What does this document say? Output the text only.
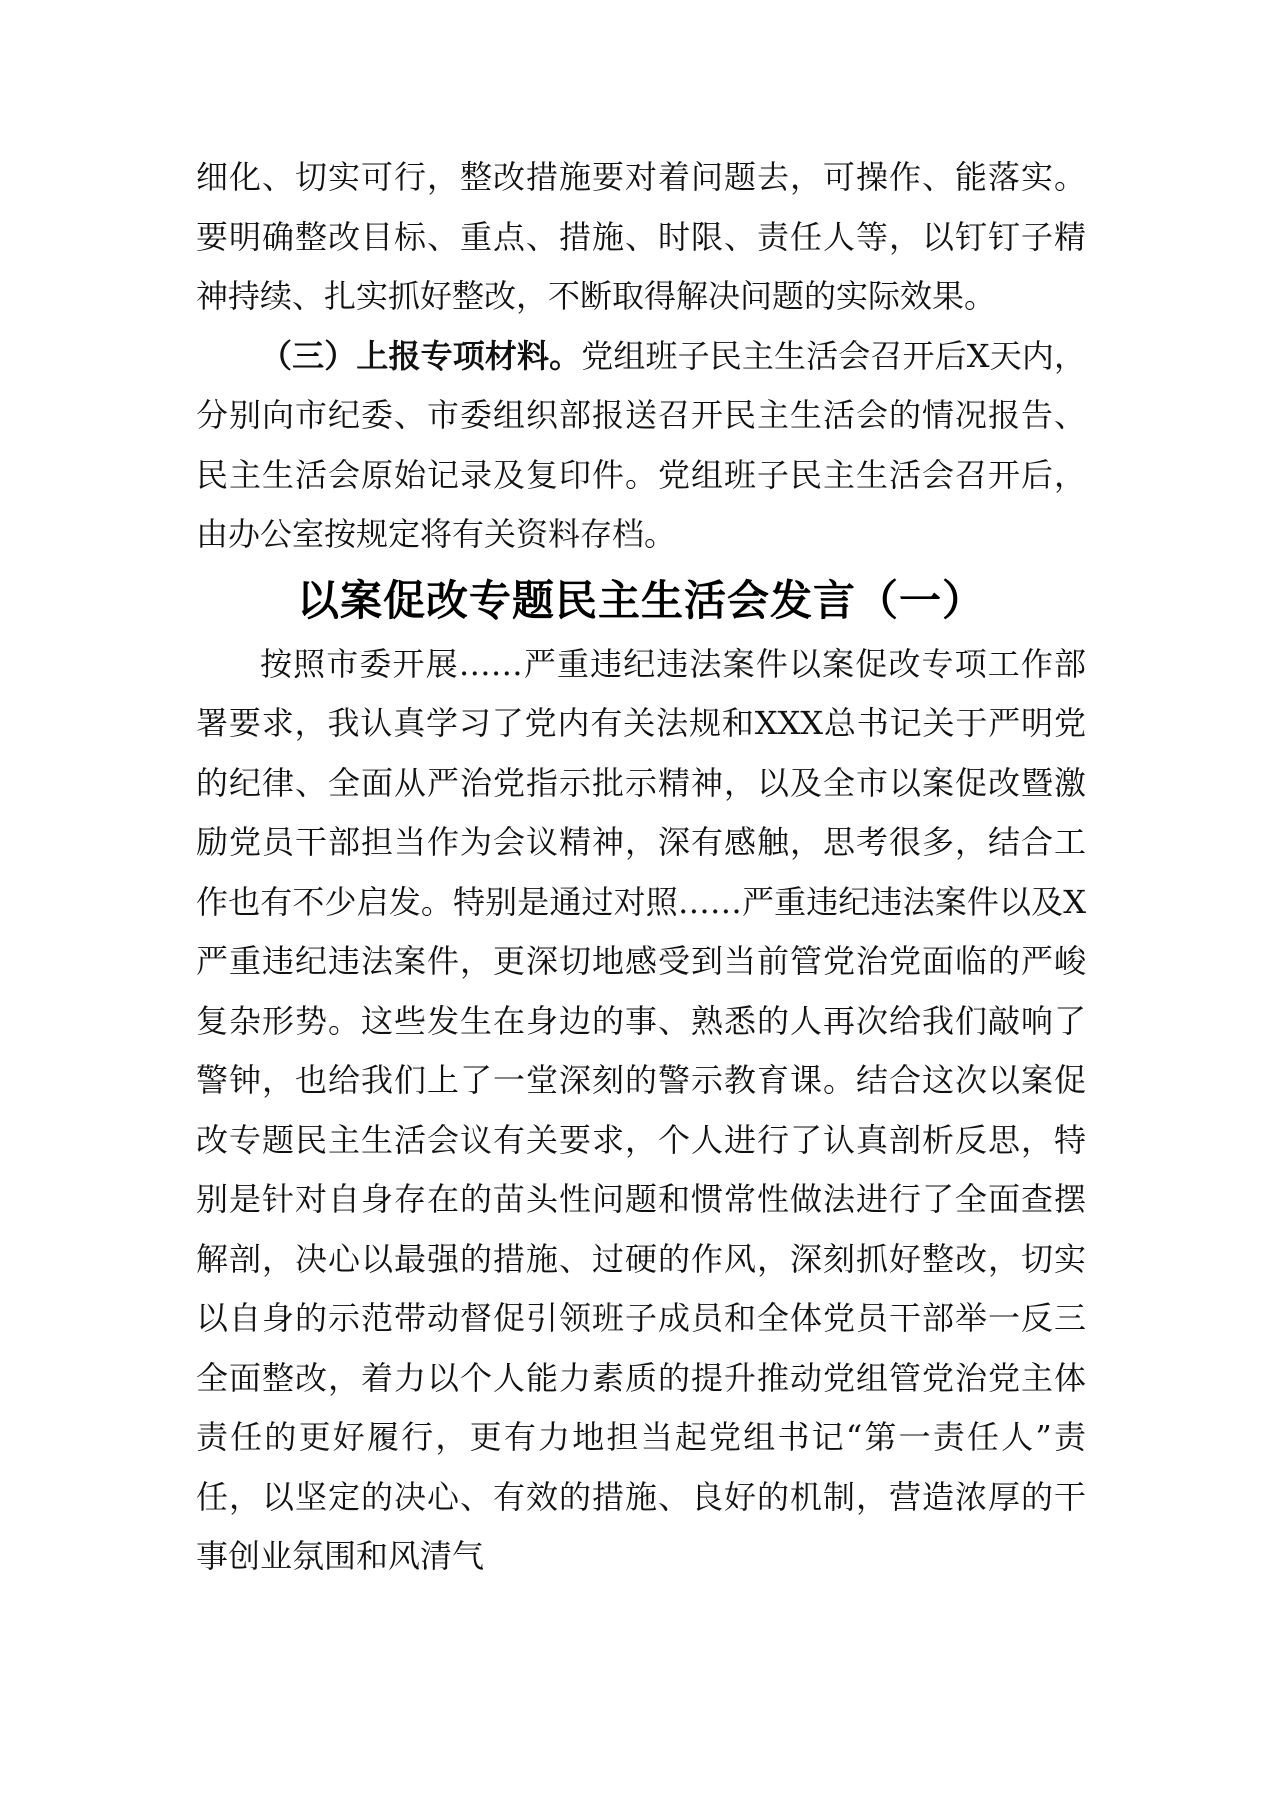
细化、切实可行，整改措施要对着问题去，可操作、能落实。要明确整改目标、重点、措施、时限、责任人等，以钉钉子精神持续、扎实抓好整改，不断取得解决问题的实际效果。

（三）上报专项材料。党组班子民主生活会召开后X天内，分别向市纪委、市委组织部报送召开民主生活会的情况报告、民主生活会原始记录及复印件。党组班子民主生活会召开后，由办公室按规定将有关资料存档。

以案促改专题民主生活会发言（一）

按照市委开展……严重违纪违法案件以案促改专项工作部署要求，我认真学习了党内有关法规和XXX总书记关于严明党的纪律、全面从严治党指示批示精神，以及全市以案促改暨激励党员干部担当作为会议精神，深有感触，思考很多，结合工作也有不少启发。特别是通过对照……严重违纪违法案件以及X严重违纪违法案件，更深切地感受到当前管党治党面临的严峻复杂形势。这些发生在身边的事、熟悉的人再次给我们敲响了警钟，也给我们上了一堂深刻的警示教育课。结合这次以案促改专题民主生活会议有关要求，个人进行了认真剖析反思，特别是针对自身存在的苗头性问题和惯常性做法进行了全面查摆解剖，决心以最强的措施、过硬的作风，深刻抓好整改，切实以自身的示范带动督促引领班子成员和全体党员干部举一反三全面整改，着力以个人能力素质的提升推动党组管党治党主体责任的更好履行，更有力地担当起党组书记“第一责任人”责任，以坚定的决心、有效的措施、良好的机制，营造浓厚的干事创业氛围和风清气
